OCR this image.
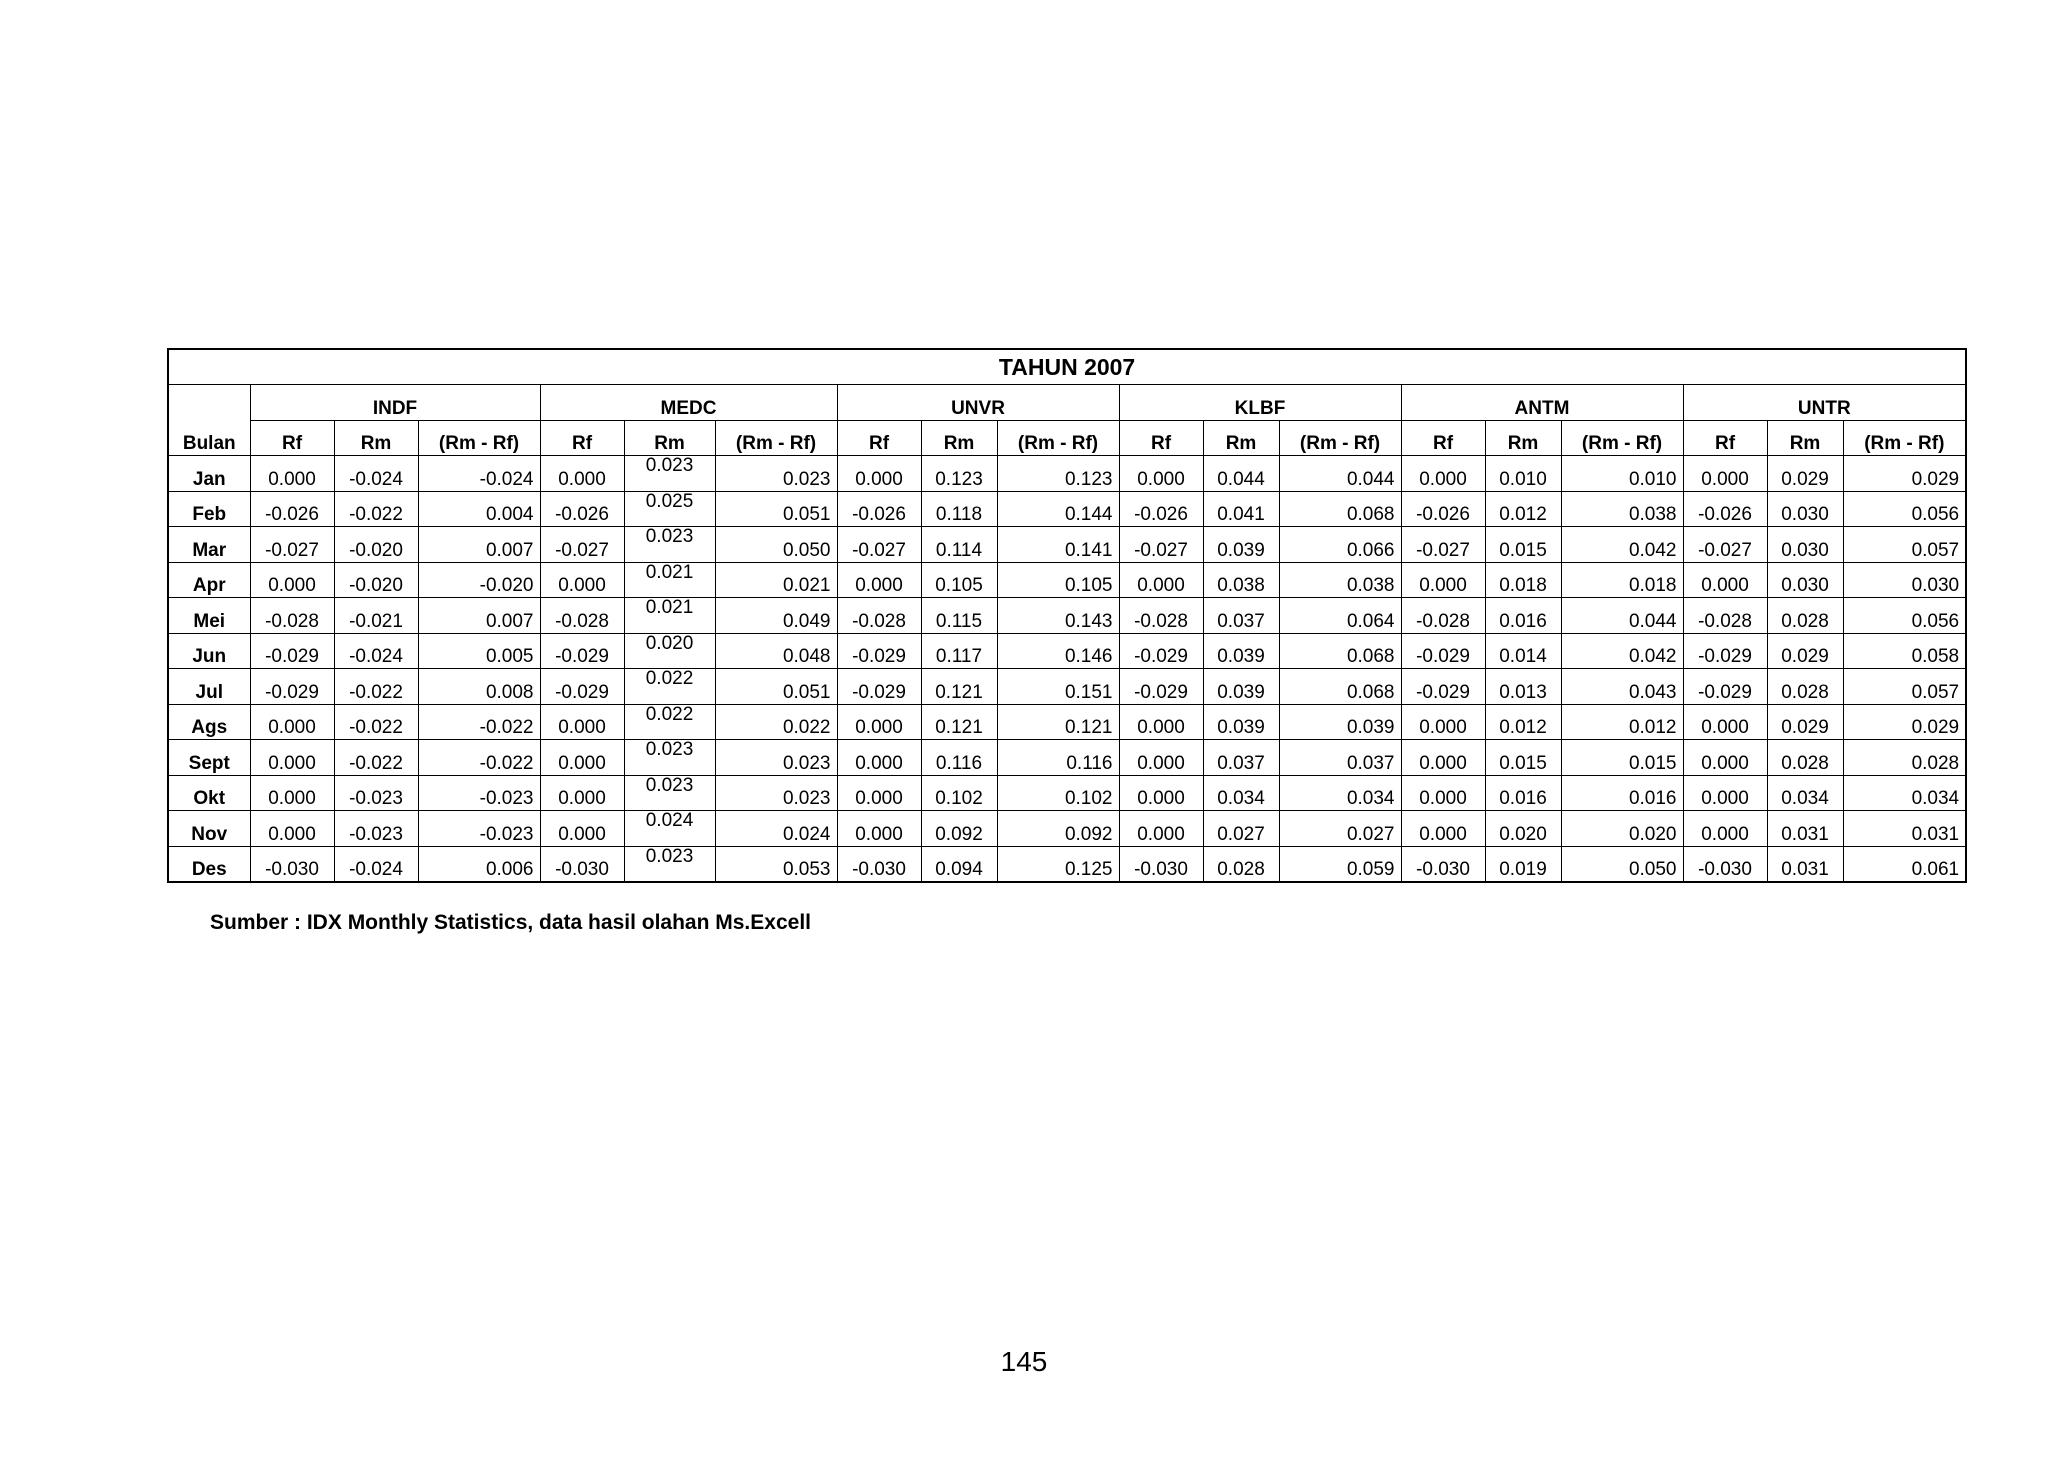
TAHUN 2007																		
Bulan	INDF			MEDC			UNVR			KLBF			ANTM			UNTR		
	Rf	Rm	(Rm - Rf)	Rf	Rm	(Rm - Rf)	Rf	Rm	(Rm - Rf)	Rf	Rm	(Rm - Rf)	Rf	Rm	(Rm - Rf)	Rf	Rm	(Rm - Rf)
Jan	0.000	-0.024	-0.024	0.000	0.023	0.023	0.000	0.123	0.123	0.000	0.044	0.044	0.000	0.010	0.010	0.000	0.029	0.029
Feb	-0.026	-0.022	0.004	-0.026	0.025	0.051	-0.026	0.118	0.144	-0.026	0.041	0.068	-0.026	0.012	0.038	-0.026	0.030	0.056
Mar	-0.027	-0.020	0.007	-0.027	0.023	0.050	-0.027	0.114	0.141	-0.027	0.039	0.066	-0.027	0.015	0.042	-0.027	0.030	0.057
Apr	0.000	-0.020	-0.020	0.000	0.021	0.021	0.000	0.105	0.105	0.000	0.038	0.038	0.000	0.018	0.018	0.000	0.030	0.030
Mei	-0.028	-0.021	0.007	-0.028	0.021	0.049	-0.028	0.115	0.143	-0.028	0.037	0.064	-0.028	0.016	0.044	-0.028	0.028	0.056
Jun	-0.029	-0.024	0.005	-0.029	0.020	0.048	-0.029	0.117	0.146	-0.029	0.039	0.068	-0.029	0.014	0.042	-0.029	0.029	0.058
Jul	-0.029	-0.022	0.008	-0.029	0.022	0.051	-0.029	0.121	0.151	-0.029	0.039	0.068	-0.029	0.013	0.043	-0.029	0.028	0.057
Ags	0.000	-0.022	-0.022	0.000	0.022	0.022	0.000	0.121	0.121	0.000	0.039	0.039	0.000	0.012	0.012	0.000	0.029	0.029
Sept	0.000	-0.022	-0.022	0.000	0.023	0.023	0.000	0.116	0.116	0.000	0.037	0.037	0.000	0.015	0.015	0.000	0.028	0.028
Okt	0.000	-0.023	-0.023	0.000	0.023	0.023	0.000	0.102	0.102	0.000	0.034	0.034	0.000	0.016	0.016	0.000	0.034	0.034
Nov	0.000	-0.023	-0.023	0.000	0.024	0.024	0.000	0.092	0.092	0.000	0.027	0.027	0.000	0.020	0.020	0.000	0.031	0.031
Des	-0.030	-0.024	0.006	-0.030	0.023	0.053	-0.030	0.094	0.125	-0.030	0.028	0.059	-0.030	0.019	0.050	-0.030	0.031	0.061
Sumber : IDX Monthly Statistics, data hasil olahan Ms.Excell
145
